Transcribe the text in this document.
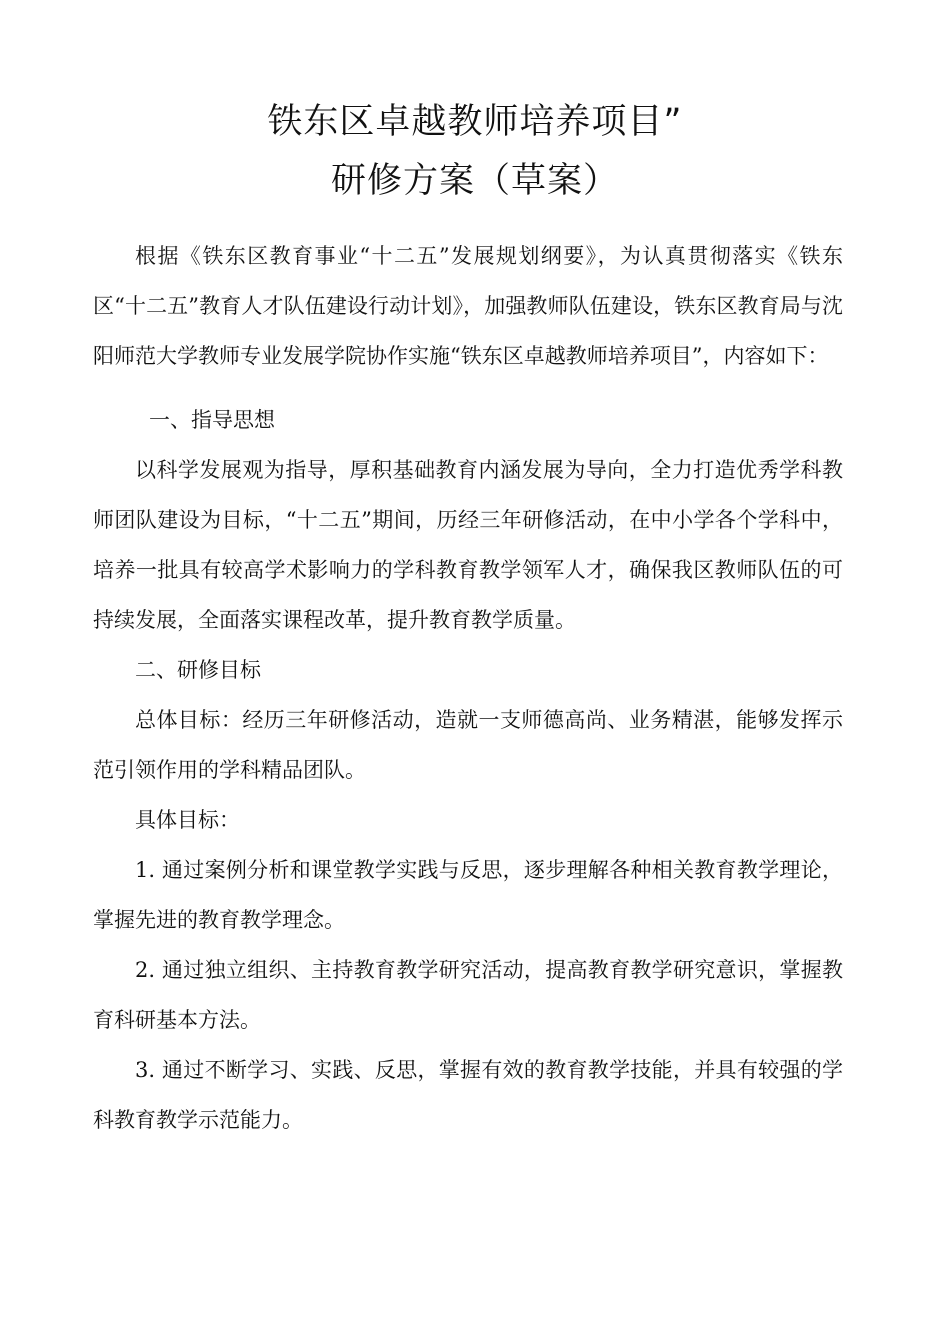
铁东区卓越教师培养项目”
研修方案（草案）

根据《铁东区教育事业“十二五”发展规划纲要》，为认真贯彻落实《铁东区“十二五”教育人才队伍建设行动计划》，加强教师队伍建设，铁东区教育局与沈阳师范大学教师专业发展学院协作实施“铁东区卓越教师培养项目”，内容如下：

一、指导思想

以科学发展观为指导，厚积基础教育内涵发展为导向，全力打造优秀学科教师团队建设为目标，“十二五”期间，历经三年研修活动，在中小学各个学科中，培养一批具有较高学术影响力的学科教育教学领军人才，确保我区教师队伍的可持续发展，全面落实课程改革，提升教育教学质量。

二、研修目标

总体目标：经历三年研修活动，造就一支师德高尚、业务精湛，能够发挥示范引领作用的学科精品团队。

具体目标：

1. 通过案例分析和课堂教学实践与反思，逐步理解各种相关教育教学理论，掌握先进的教育教学理念。

2. 通过独立组织、主持教育教学研究活动，提高教育教学研究意识，掌握教育科研基本方法。

3. 通过不断学习、实践、反思，掌握有效的教育教学技能，并具有较强的学科教育教学示范能力。
